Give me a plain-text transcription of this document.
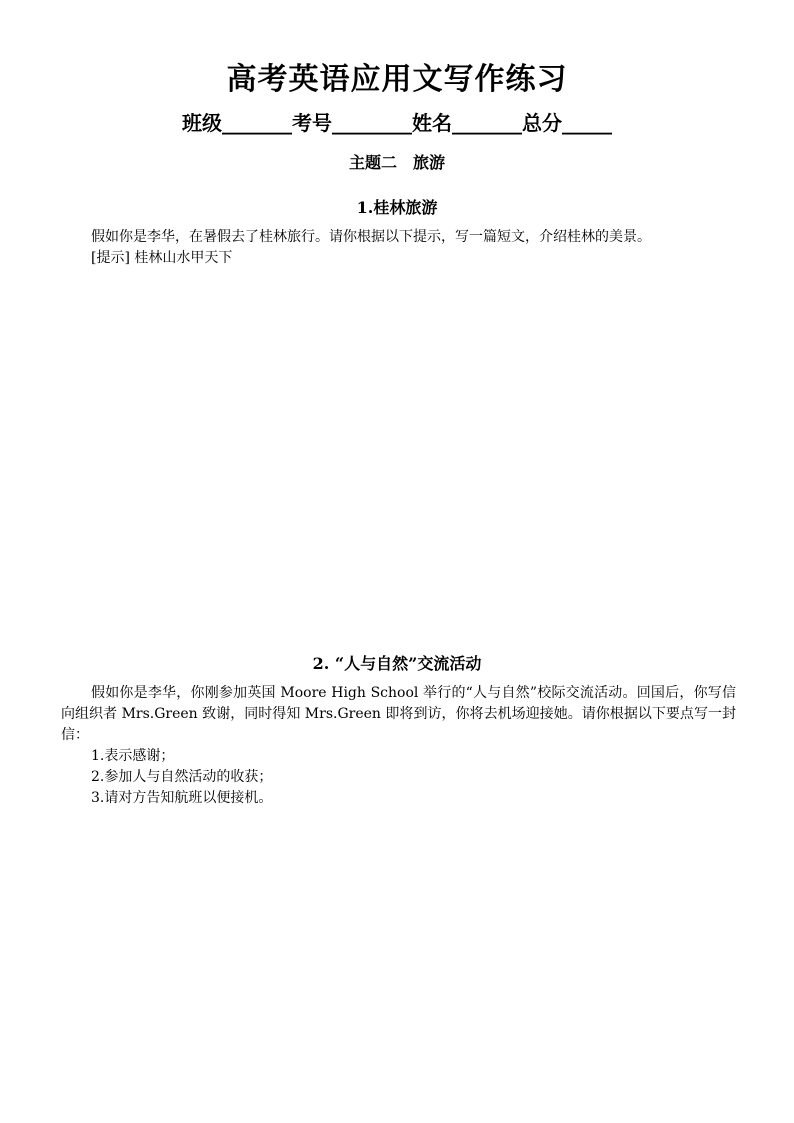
高考英语应用文写作练习
班级_______考号________姓名_______总分_____
主题二　旅游
1.桂林旅游
假如你是李华，在暑假去了桂林旅行。请你根据以下提示，写一篇短文，介绍桂林的美景。
[提示] 桂林山水甲天下
2. “人与自然”交流活动
假如你是李华，你刚参加英国 Moore High School 举行的“人与自然”校际交流活动。回国后，你写信向组织者 Mrs.Green 致谢，同时得知 Mrs.Green 即将到访，你将去机场迎接她。请你根据以下要点写一封信：
1.表示感谢；
2.参加人与自然活动的收获；
3.请对方告知航班以便接机。
